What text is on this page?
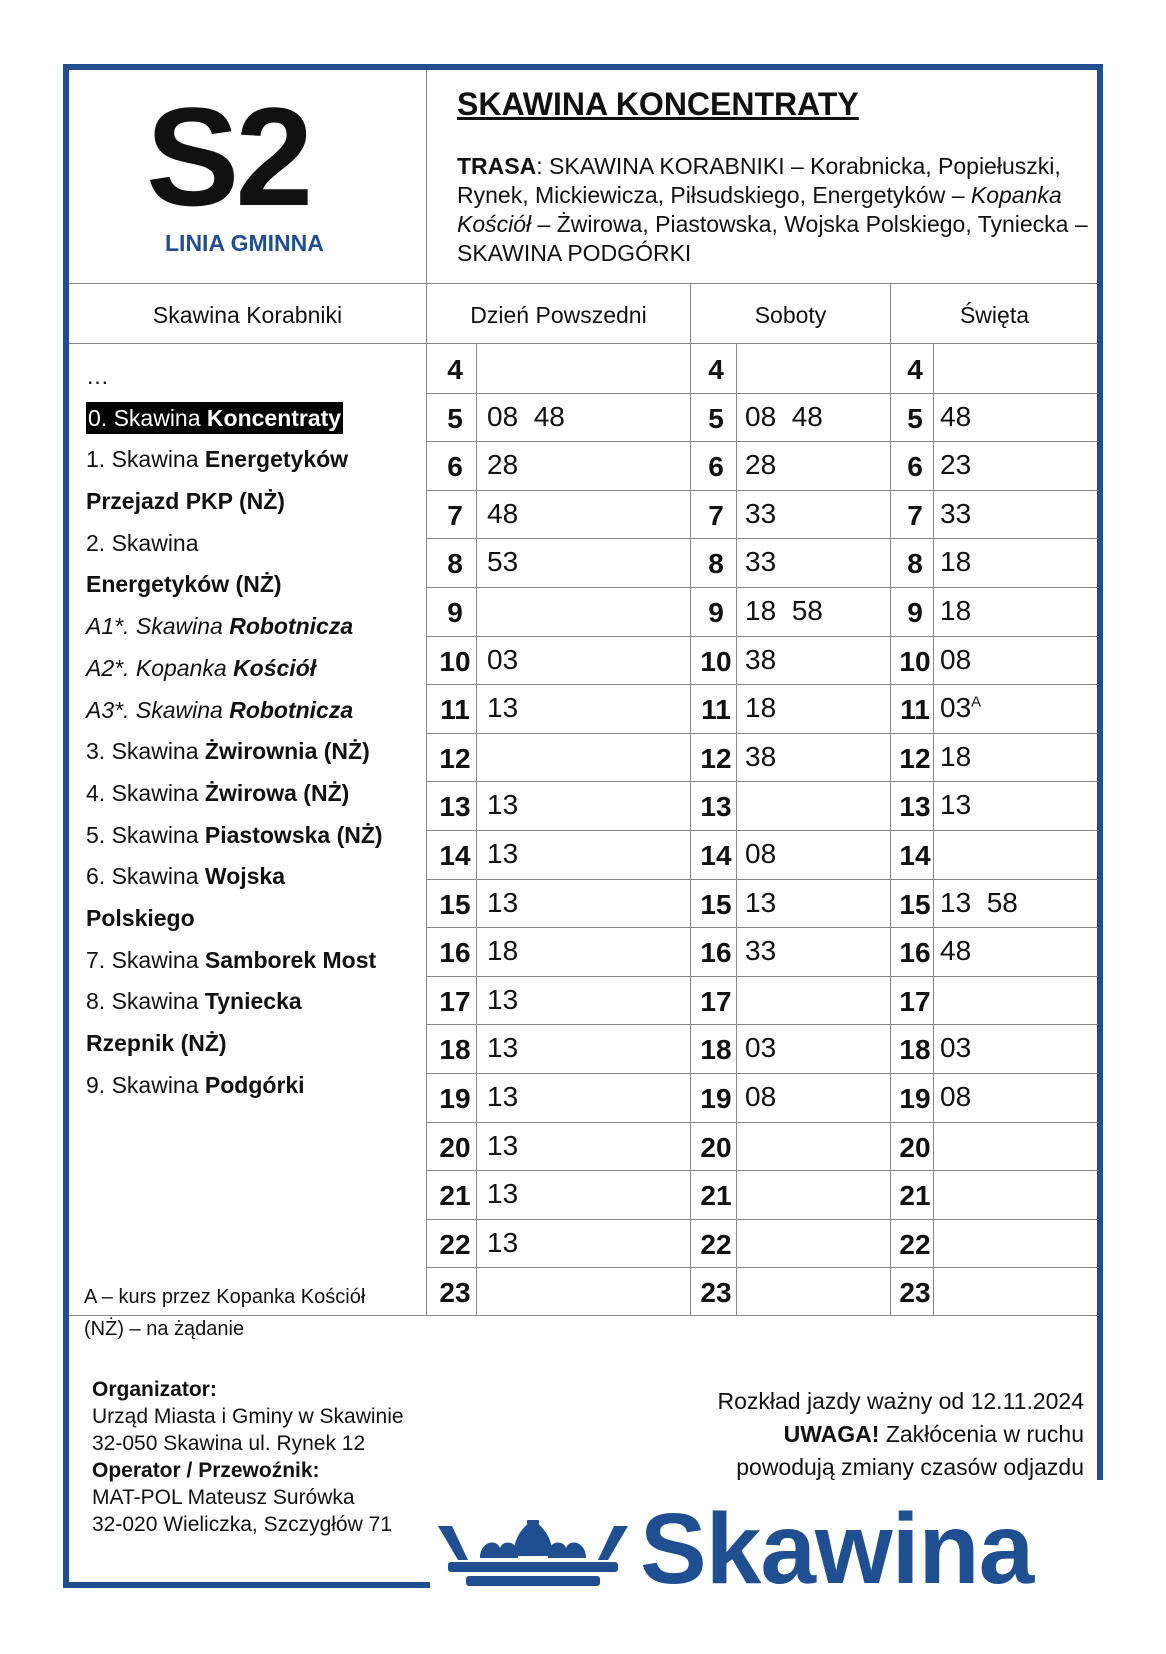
S2
LINIA GMINNA
SKAWINA KONCENTRATY
TRASA: SKAWINA KORABNIKI – Korabnicka, Popiełuszki, Rynek, Mickiewicza, Piłsudskiego, Energetyków – Kopanka Kościół – Żwirowa, Piastowska, Wojska Polskiego, Tyniecka – SKAWINA PODGÓRKI
Skawina Korabniki	Dzień Powszedni	Soboty	Święta
…
0. Skawina Koncentraty
1. Skawina Energetyków
Przejazd PKP (NŻ)
2. Skawina
Energetyków (NŻ)
A1*. Skawina Robotnicza
A2*. Kopanka Kościół
A3*. Skawina Robotnicza
3. Skawina Żwirownia (NŻ)
4. Skawina Żwirowa (NŻ)
5. Skawina Piastowska (NŻ)
6. Skawina Wojska
Polskiego
7. Skawina Samborek Most
8. Skawina Tyniecka
Rzepnik (NŻ)
9. Skawina Podgórki
A – kurs przez Kopanka Kościół
(NŻ) – na żądanie
4	4	4
5 08  48	5 08  48	5 48
6 28	6 28	6 23
7 48	7 33	7 33
8 53	8 33	8 18
9	9 18  58	9 18
10 03	10 38	10 08
11 13	11 18	11 $03^A$
12	12 38	12 18
13 13	13	13 13
14 13	14 08	14
15 13	15 13	15 13  58
16 18	16 33	16 48
17 13	17	17
18 13	18 03	18 03
19 13	19 08	19 08
20 13	20	20
21 13	21	21
22 13	22	22
23	23	23
Organizator:
Urząd Miasta i Gminy w Skawinie
32-050 Skawina ul. Rynek 12
Operator / Przewoźnik:
MAT-POL Mateusz Surówka
32-020 Wieliczka, Szczygłów 71
Rozkład jazdy ważny od 12.11.2024
UWAGA! Zakłócenia w ruchu
powodują zmiany czasów odjazdu
Skawina
